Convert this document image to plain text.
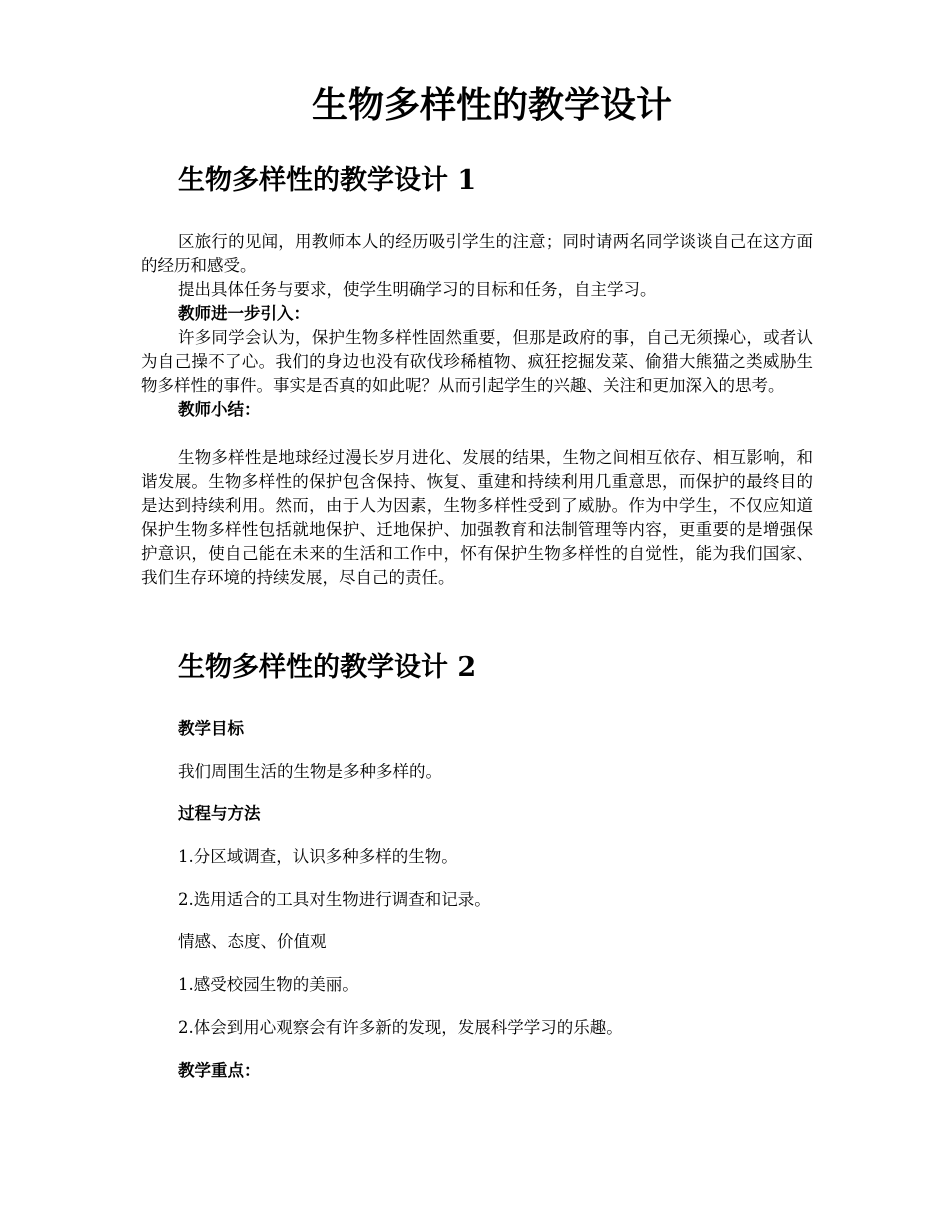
生物多样性的教学设计
生物多样性的教学设计 1

区旅行的见闻，用教师本人的经历吸引学生的注意；同时请两名同学谈谈自己在这方面的经历和感受。

提出具体任务与要求，使学生明确学习的目标和任务，自主学习。

教师进一步引入：

许多同学会认为，保护生物多样性固然重要，但那是政府的事，自己无须操心，或者认为自己操不了心。我们的身边也没有砍伐珍稀植物、疯狂挖掘发菜、偷猎大熊猫之类威胁生物多样性的事件。事实是否真的如此呢？从而引起学生的兴趣、关注和更加深入的思考。

教师小结：

生物多样性是地球经过漫长岁月进化、发展的结果，生物之间相互依存、相互影响，和谐发展。生物多样性的保护包含保持、恢复、重建和持续利用几重意思，而保护的最终目的是达到持续利用。然而，由于人为因素，生物多样性受到了威胁。作为中学生，不仅应知道保护生物多样性包括就地保护、迁地保护、加强教育和法制管理等内容，更重要的是增强保护意识，使自己能在未来的生活和工作中，怀有保护生物多样性的自觉性，能为我们国家、我们生存环境的持续发展，尽自己的责任。

生物多样性的教学设计 2

教学目标

我们周围生活的生物是多种多样的。

过程与方法

1.分区域调查，认识多种多样的生物。

2.选用适合的工具对生物进行调查和记录。

情感、态度、价值观

1.感受校园生物的美丽。

2.体会到用心观察会有许多新的发现，发展科学学习的乐趣。

教学重点：
